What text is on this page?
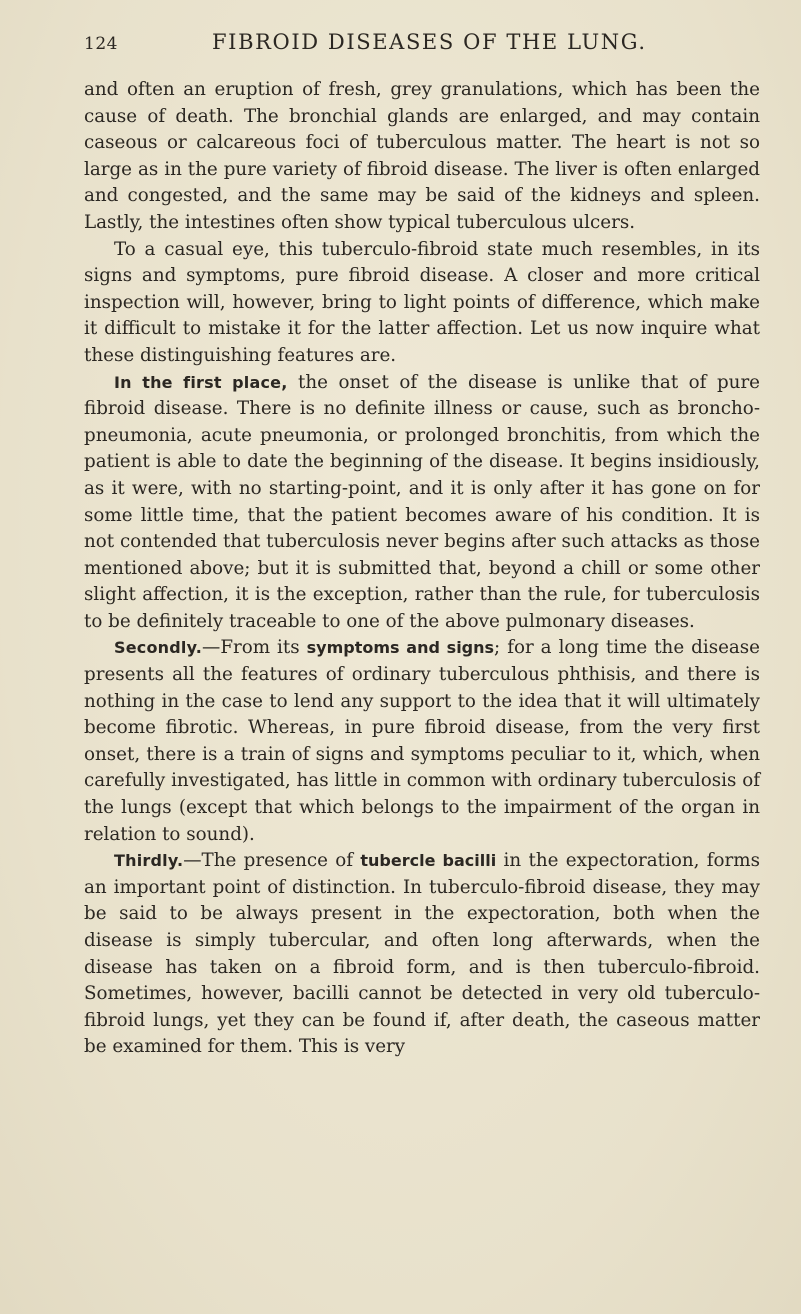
124	FIBROID DISEASES OF THE LUNG.

and often an eruption of fresh, grey granulations, which has been the cause of death. The bronchial glands are enlarged, and may contain caseous or calcareous foci of tuberculous matter. The heart is not so large as in the pure variety of fibroid disease. The liver is often enlarged and congested, and the same may be said of the kidneys and spleen. Lastly, the intestines often show typical tuberculous ulcers.

To a casual eye, this tuberculo-fibroid state much resembles, in its signs and symptoms, pure fibroid disease. A closer and more critical inspection will, however, bring to light points of difference, which make it difficult to mistake it for the latter affection. Let us now inquire what these distinguishing features are.

In the first place, the onset of the disease is unlike that of pure fibroid disease. There is no definite illness or cause, such as broncho-pneumonia, acute pneumonia, or prolonged bronchitis, from which the patient is able to date the beginning of the disease. It begins insidiously, as it were, with no starting-point, and it is only after it has gone on for some little time, that the patient becomes aware of his condition. It is not contended that tuberculosis never begins after such attacks as those mentioned above; but it is submitted that, beyond a chill or some other slight affection, it is the exception, rather than the rule, for tuberculosis to be definitely traceable to one of the above pulmonary diseases.

Secondly.—From its symptoms and signs; for a long time the disease presents all the features of ordinary tuberculous phthisis, and there is nothing in the case to lend any support to the idea that it will ultimately become fibrotic. Whereas, in pure fibroid disease, from the very first onset, there is a train of signs and symptoms peculiar to it, which, when carefully investigated, has little in common with ordinary tuberculosis of the lungs (except that which belongs to the impairment of the organ in relation to sound).

Thirdly.—The presence of tubercle bacilli in the expectoration, forms an important point of distinction. In tuberculo-fibroid disease, they may be said to be always present in the expectoration, both when the disease is simply tubercular, and often long afterwards, when the disease has taken on a fibroid form, and is then tuberculo-fibroid. Sometimes, however, bacilli cannot be detected in very old tuberculo-fibroid lungs, yet they can be found if, after death, the caseous matter be examined for them. This is very
